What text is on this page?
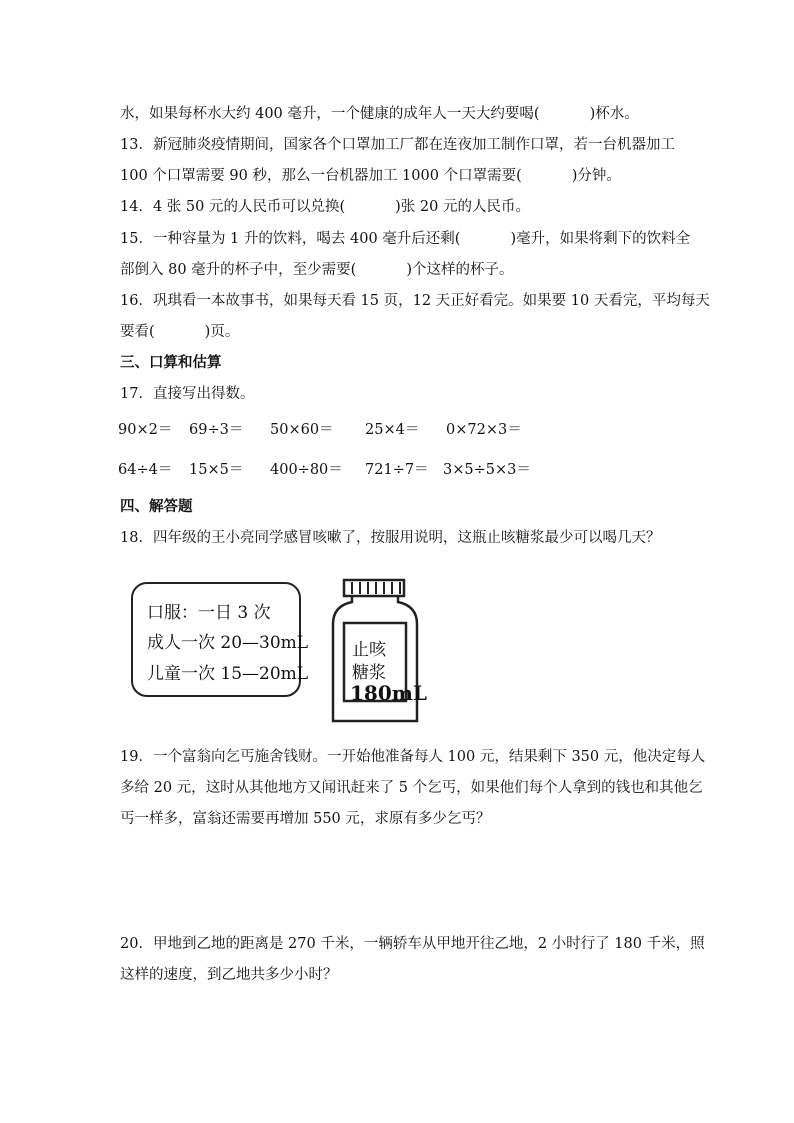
水，如果每杯水大约 400 毫升，一个健康的成年人一天大约要喝(	)杯水。
13．新冠肺炎疫情期间，国家各个口罩加工厂都在连夜加工制作口罩，若一台机器加工
100 个口罩需要 90 秒，那么一台机器加工 1000 个口罩需要(	)分钟。
14．4 张 50 元的人民币可以兑换(	)张 20 元的人民币。
15．一种容量为 1 升的饮料，喝去 400 毫升后还剩(	)毫升，如果将剩下的饮料全
部倒入 80 毫升的杯子中，至少需要(	)个这样的杯子。
16．巩琪看一本故事书，如果每天看 15 页，12 天正好看完。如果要 10 天看完，平均每天
要看(	)页。
三、口算和估算
17．直接写出得数。
90×2＝ 69÷3＝ 50×60＝ 25×4＝ 0×72×3＝
64÷4＝ 15×5＝ 400÷80＝ 721÷7＝ 3×5÷5×3＝
四、解答题
18．四年级的王小亮同学感冒咳嗽了，按服用说明，这瓶止咳糖浆最少可以喝几天？
口服：一日 3 次
成人一次 20—30mL
儿童一次 15—20mL
止咳
糖浆
180mL
19．一个富翁向乞丐施舍钱财。一开始他准备每人 100 元，结果剩下 350 元，他决定每人
多给 20 元，这时从其他地方又闻讯赶来了 5 个乞丐，如果他们每个人拿到的钱也和其他乞
丐一样多，富翁还需要再增加 550 元，求原有多少乞丐？
20．甲地到乙地的距离是 270 千米，一辆轿车从甲地开往乙地，2 小时行了 180 千米，照
这样的速度，到乙地共多少小时？
